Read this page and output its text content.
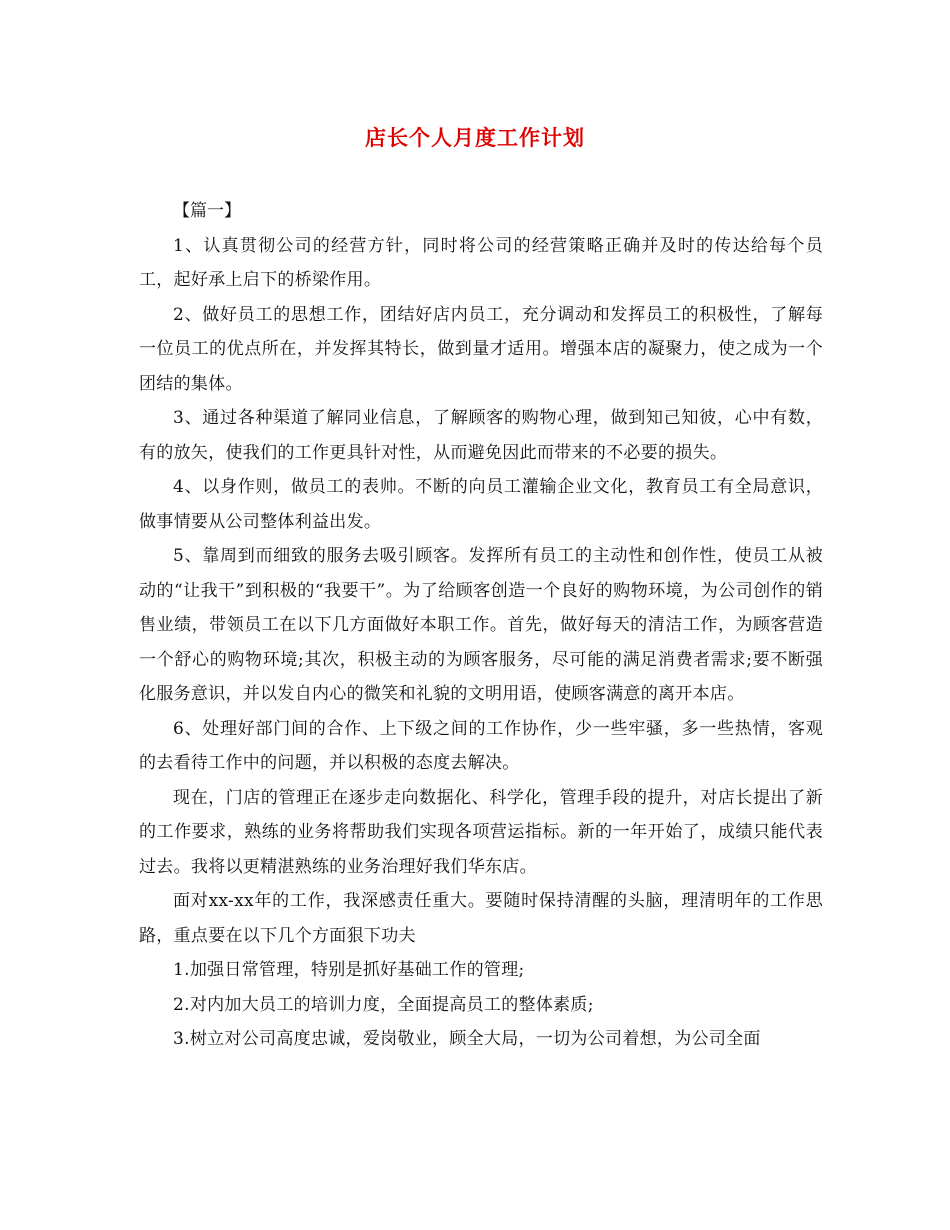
店长个人月度工作计划

【篇一】

1、认真贯彻公司的经营方针，同时将公司的经营策略正确并及时的传达给每个员工，起好承上启下的桥梁作用。

2、做好员工的思想工作，团结好店内员工，充分调动和发挥员工的积极性，了解每一位员工的优点所在，并发挥其特长，做到量才适用。增强本店的凝聚力，使之成为一个团结的集体。

3、通过各种渠道了解同业信息，了解顾客的购物心理，做到知己知彼，心中有数，有的放矢，使我们的工作更具针对性，从而避免因此而带来的不必要的损失。

4、以身作则，做员工的表帅。不断的向员工灌输企业文化，教育员工有全局意识，做事情要从公司整体利益出发。

5、靠周到而细致的服务去吸引顾客。发挥所有员工的主动性和创作性，使员工从被动的“让我干”到积极的“我要干”。为了给顾客创造一个良好的购物环境，为公司创作的销售业绩，带领员工在以下几方面做好本职工作。首先，做好每天的清洁工作，为顾客营造一个舒心的购物环境;其次，积极主动的为顾客服务，尽可能的满足消费者需求;要不断强化服务意识，并以发自内心的微笑和礼貌的文明用语，使顾客满意的离开本店。

6、处理好部门间的合作、上下级之间的工作协作，少一些牢骚，多一些热情，客观的去看待工作中的问题，并以积极的态度去解决。

现在，门店的管理正在逐步走向数据化、科学化，管理手段的提升，对店长提出了新的工作要求，熟练的业务将帮助我们实现各项营运指标。新的一年开始了，成绩只能代表过去。我将以更精湛熟练的业务治理好我们华东店。

面对xx-xx年的工作，我深感责任重大。要随时保持清醒的头脑，理清明年的工作思路，重点要在以下几个方面狠下功夫

1.加强日常管理，特别是抓好基础工作的管理;

2.对内加大员工的培训力度，全面提高员工的整体素质;

3.树立对公司高度忠诚，爱岗敬业，顾全大局，一切为公司着想，为公司全面
